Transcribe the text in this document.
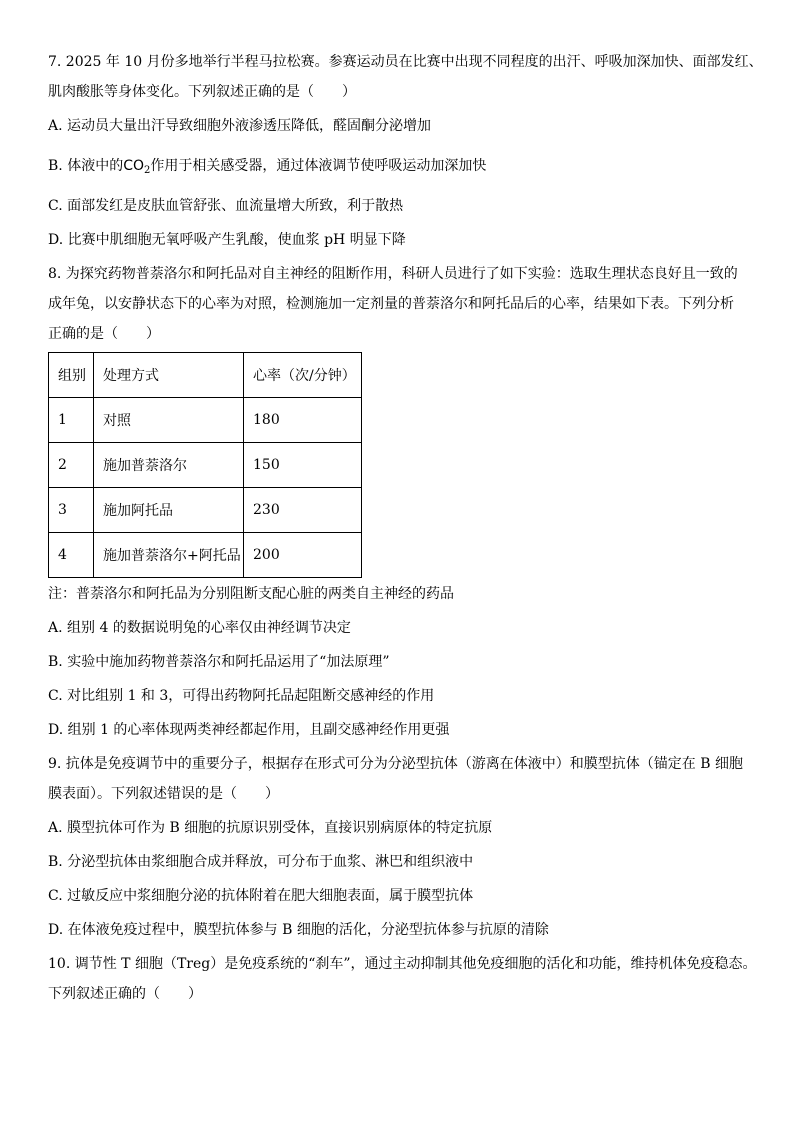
7. 2025 年 10 月份多地举行半程马拉松赛。参赛运动员在比赛中出现不同程度的出汗、呼吸加深加快、面部发红、
肌肉酸胀等身体变化。下列叙述正确的是（　　）
A. 运动员大量出汗导致细胞外液渗透压降低，醛固酮分泌增加
B. 体液中的$CO_2$作用于相关感受器，通过体液调节使呼吸运动加深加快
C. 面部发红是皮肤血管舒张、血流量增大所致，利于散热
D. 比赛中肌细胞无氧呼吸产生乳酸，使血浆 pH 明显下降
8. 为探究药物普萘洛尔和阿托品对自主神经的阻断作用，科研人员进行了如下实验：选取生理状态良好且一致的
成年兔，以安静状态下的心率为对照，检测施加一定剂量的普萘洛尔和阿托品后的心率，结果如下表。下列分析
正确的是（　　）
组别	处理方式	心率（次/分钟）
1	对照	180
2	施加普萘洛尔	150
3	施加阿托品	230
4	施加普萘洛尔+阿托品	200
注：普萘洛尔和阿托品为分别阻断支配心脏的两类自主神经的药品
A. 组别 4 的数据说明兔的心率仅由神经调节决定
B. 实验中施加药物普萘洛尔和阿托品运用了“加法原理”
C. 对比组别 1 和 3，可得出药物阿托品起阻断交感神经的作用
D. 组别 1 的心率体现两类神经都起作用，且副交感神经作用更强
9. 抗体是免疫调节中的重要分子，根据存在形式可分为分泌型抗体（游离在体液中）和膜型抗体（锚定在 B 细胞
膜表面）。下列叙述错误的是（　　）
A. 膜型抗体可作为 B 细胞的抗原识别受体，直接识别病原体的特定抗原
B. 分泌型抗体由浆细胞合成并释放，可分布于血浆、淋巴和组织液中
C. 过敏反应中浆细胞分泌的抗体附着在肥大细胞表面，属于膜型抗体
D. 在体液免疫过程中，膜型抗体参与 B 细胞的活化，分泌型抗体参与抗原的清除
10. 调节性 T 细胞（Treg）是免疫系统的“刹车”，通过主动抑制其他免疫细胞的活化和功能，维持机体免疫稳态。
下列叙述正确的（　　）
